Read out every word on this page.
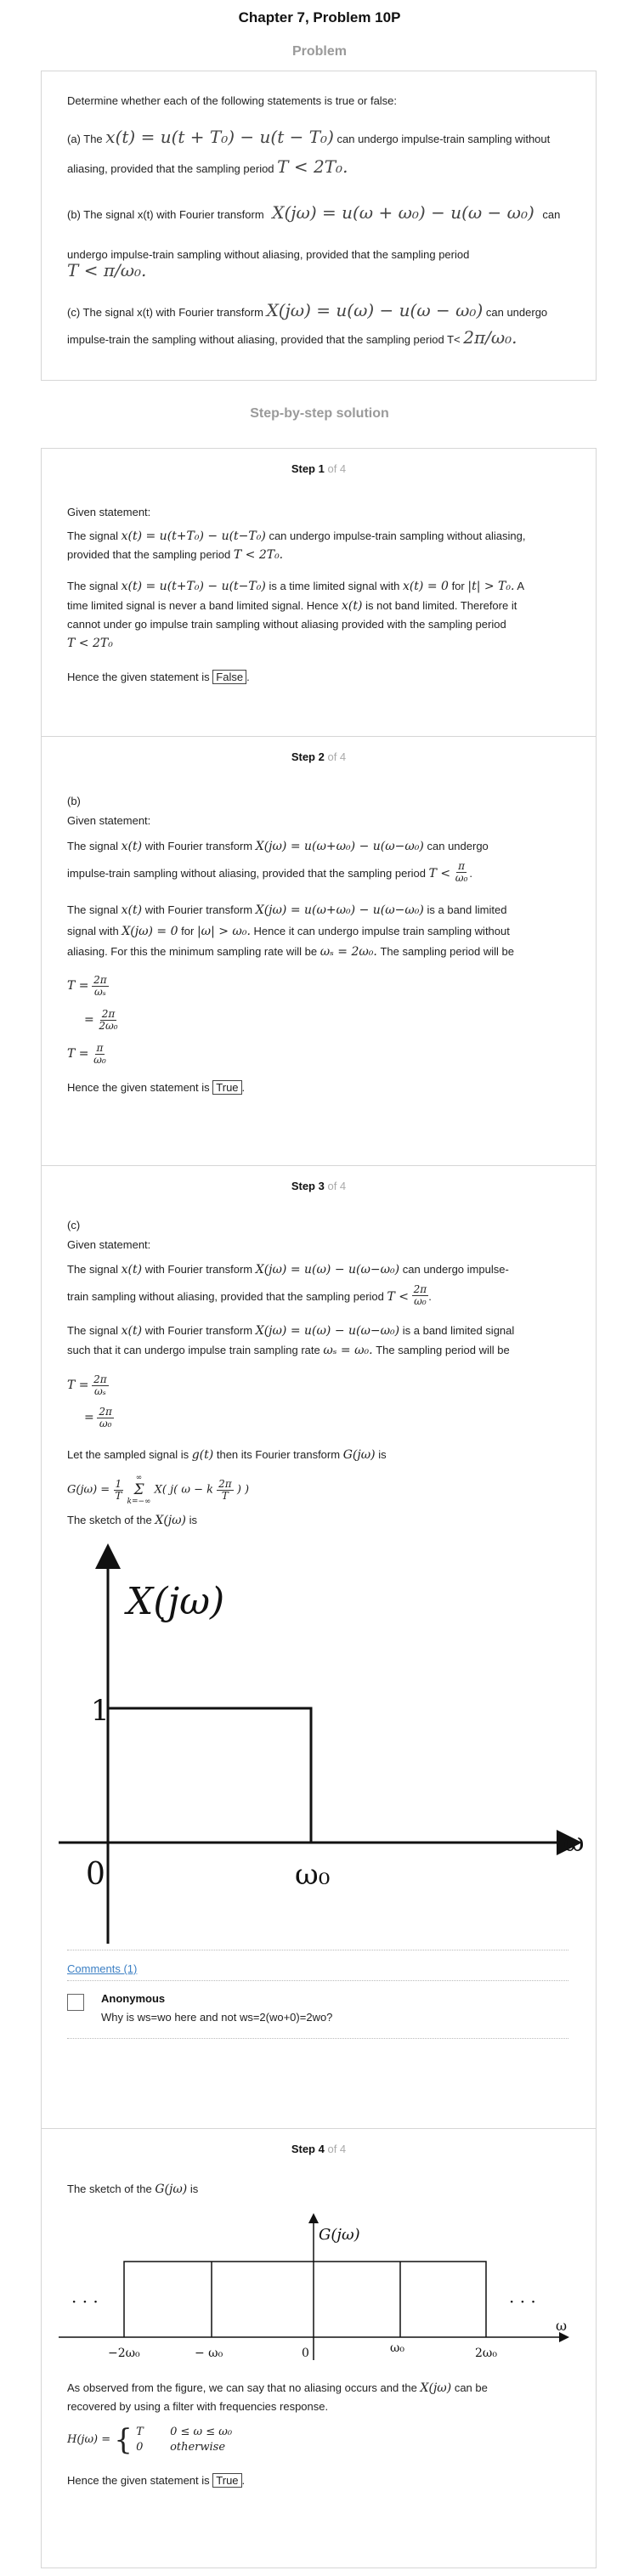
Chapter 7, Problem 10P
Problem
Determine whether each of the following statements is true or false:
(a) The x(t) = u(t + T₀) − u(t − T₀) can undergo impulse-train sampling without
aliasing, provided that the sampling period T < 2T₀.
(b) The signal x(t) with Fourier transform X(jω) = u(ω + ω₀) − u(ω − ω₀) can
undergo impulse-train sampling without aliasing, provided that the sampling period
T < π/ω₀.
(c) The signal x(t) with Fourier transform X(jω) = u(ω) − u(ω − ω₀) can undergo
impulse-train the sampling without aliasing, provided that the sampling period T< 2π/ω₀.
Step-by-step solution
Step 1 of 4
Given statement:
The signal x(t) = u(t+T₀) − u(t−T₀) can undergo impulse-train sampling without aliasing,
provided that the sampling period T < 2T₀.
The signal x(t) = u(t+T₀) − u(t−T₀) is a time limited signal with x(t) = 0 for |t| > T₀. A
time limited signal is never a band limited signal. Hence x(t) is not band limited. Therefore it
cannot under go impulse train sampling without aliasing provided with the sampling period
T < 2T₀
Hence the given statement is False .
Step 2 of 4
(b)
Given statement:
The signal x(t) with Fourier transform X(jω) = u(ω+ω₀) − u(ω−ω₀) can undergo
impulse-train sampling without aliasing, provided that the sampling period $T < \frac{\pi}{\text{ω₀}}$ .
The signal x(t) with Fourier transform X(jω) = u(ω+ω₀) − u(ω−ω₀) is a band limited
signal with X(jω) = 0 for |ω| > ω₀. Hence it can undergo impulse train sampling without
aliasing. For this the minimum sampling rate will be ωₛ = 2ω₀. The sampling period will be
$T = \frac{2\pi}{\text{ωₛ}}$
= $\frac{2\pi}{\text{2ω₀}}$
$T = \frac{\pi}{\text{ω₀}}$
Hence the given statement is True .
Step 3 of 4
(c)
Given statement:
The signal x(t) with Fourier transform X(jω) = u(ω) − u(ω−ω₀) can undergo impulse-
train sampling without aliasing, provided that the sampling period $T < \frac{2\pi}{\text{ω₀}}$ .
The signal x(t) with Fourier transform X(jω) = u(ω) − u(ω−ω₀) is a band limited signal
such that it can undergo impulse train sampling rate ωₛ = ω₀. The sampling period will be
$T = \frac{2\pi}{\text{ωₛ}}$
= $\frac{2\pi}{\text{ω₀}}$
Let the sampled signal is g(t) then its Fourier transform G(jω) is
$G(j\omega) = \frac{1}{T}$

∞
Σ
k=−∞
X( j( ω − k $\frac{2\pi}{T}$ ) )
The sketch of the X(jω) is
X(jω)
1
0	ω₀
ω
Comments (1)
Anonymous
Why is ws=wo here and not ws=2(wo+0)=2wo?
Step 4 of 4
The sketch of the G(jω) is
G(jω)
· · ·	· · ·
−2ω₀	− ω₀	0	ω₀	2ω₀
ω
As observed from the figure, we can say that no aliasing occurs and the X(jω) can be
recovered by using a filter with frequencies response.
H(jω) = { T 0 ≤ ω ≤ ω₀
0 otherwise
Hence the given statement is True .
